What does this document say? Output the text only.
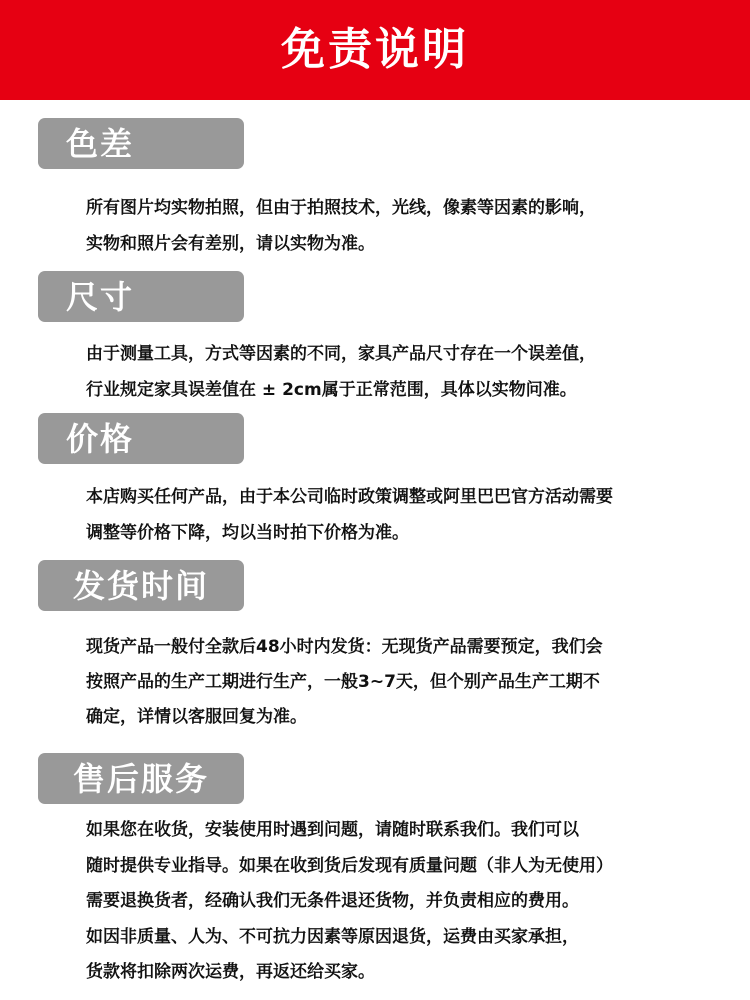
免责说明
色差
所有图片均实物拍照，但由于拍照技术，光线，像素等因素的影响，
实物和照片会有差别，请以实物为准。
尺寸
由于测量工具，方式等因素的不同，家具产品尺寸存在一个误差值，
行业规定家具误差值在 ± 2cm属于正常范围，具体以实物问准。
价格
本店购买任何产品，由于本公司临时政策调整或阿里巴巴官方活动需要
调整等价格下降，均以当时拍下价格为准。
发货时间
现货产品一般付全款后48小时内发货：无现货产品需要预定，我们会
按照产品的生产工期进行生产，一般3~7天，但个别产品生产工期不
确定，详情以客服回复为准。
售后服务
如果您在收货，安装使用时遇到问题，请随时联系我们。我们可以
随时提供专业指导。如果在收到货后发现有质量问题（非人为无使用）
需要退换货者，经确认我们无条件退还货物，并负责相应的费用。
如因非质量、人为、不可抗力因素等原因退货，运费由买家承担，
货款将扣除两次运费，再返还给买家。
